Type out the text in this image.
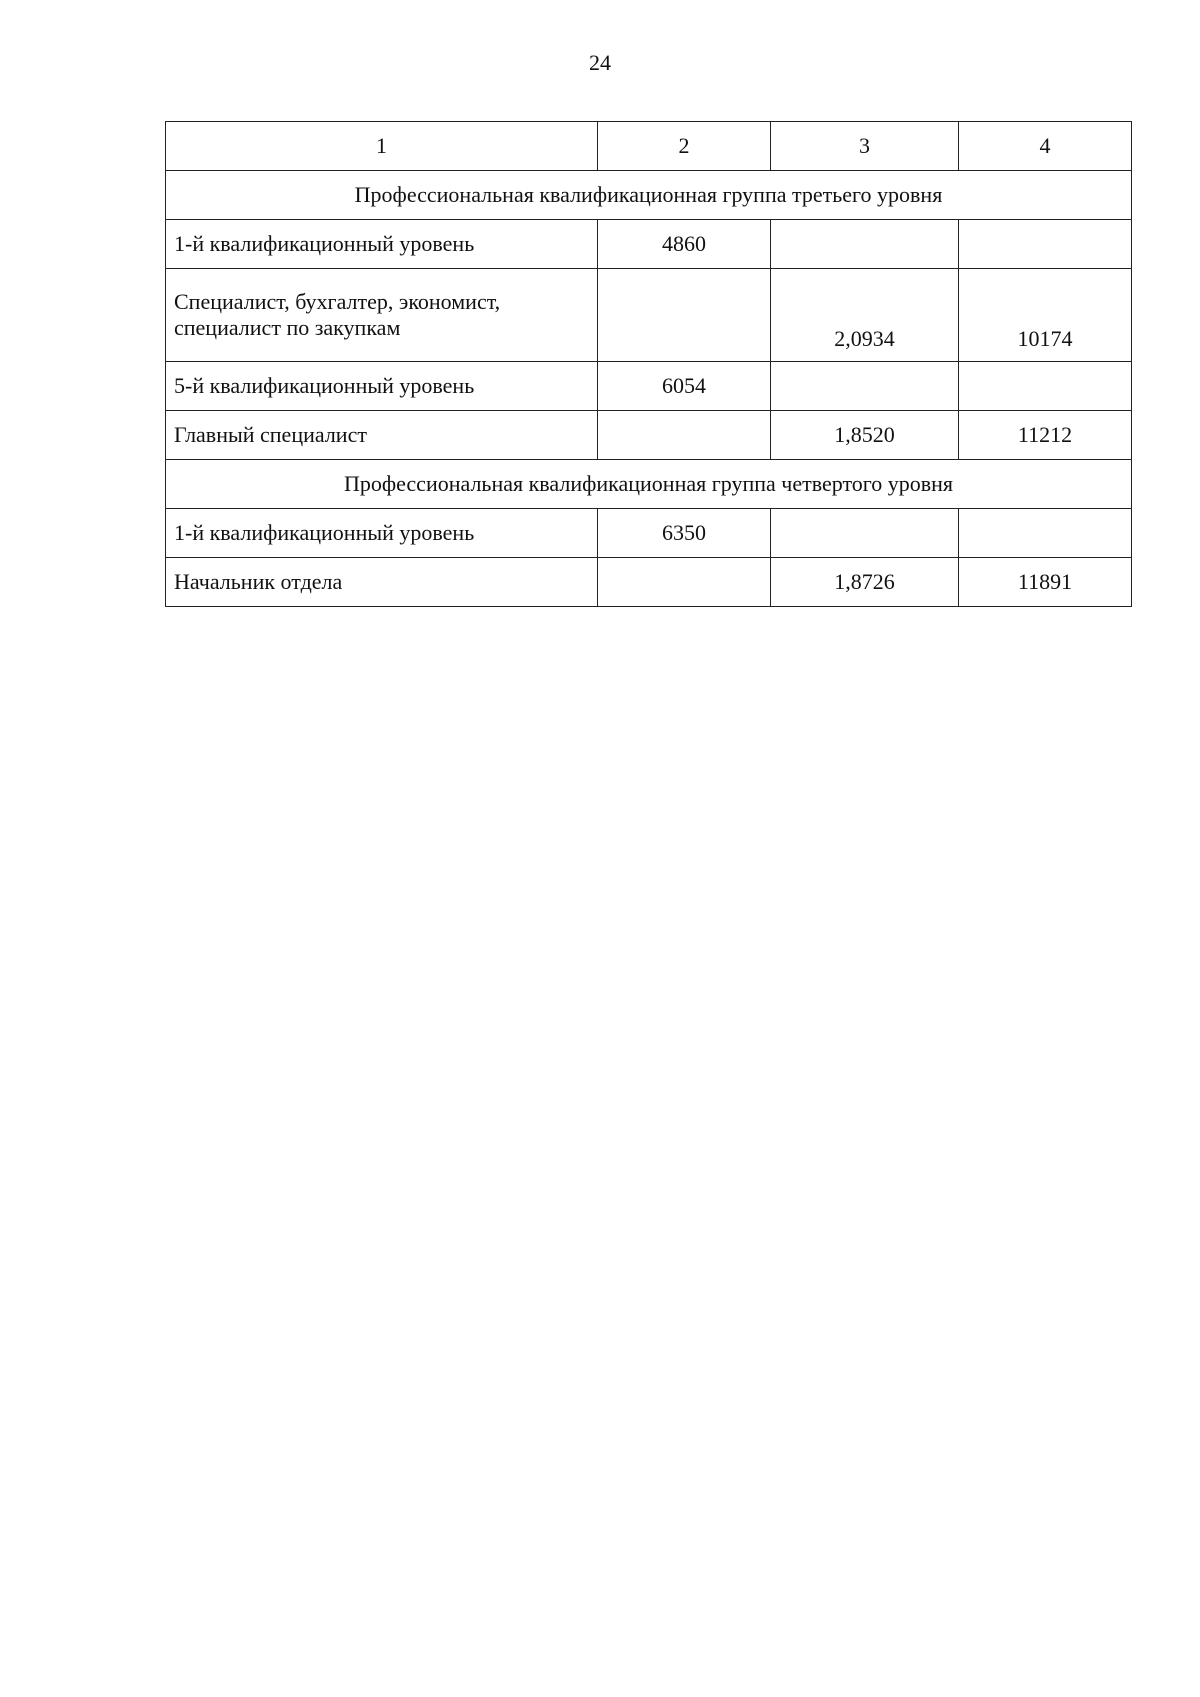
24
1	2	3	4
Профессиональная квалификационная группа третьего уровня			
1-й квалификационный уровень	4860		

Специалист, бухгалтер, экономист,
специалист по закупкам		2,0934	10174
5-й квалификационный уровень	6054		
Главный специалист		1,8520	11212
Профессиональная квалификационная группа четвертого уровня			
1-й квалификационный уровень	6350		
Начальник отдела		1,8726	11891
